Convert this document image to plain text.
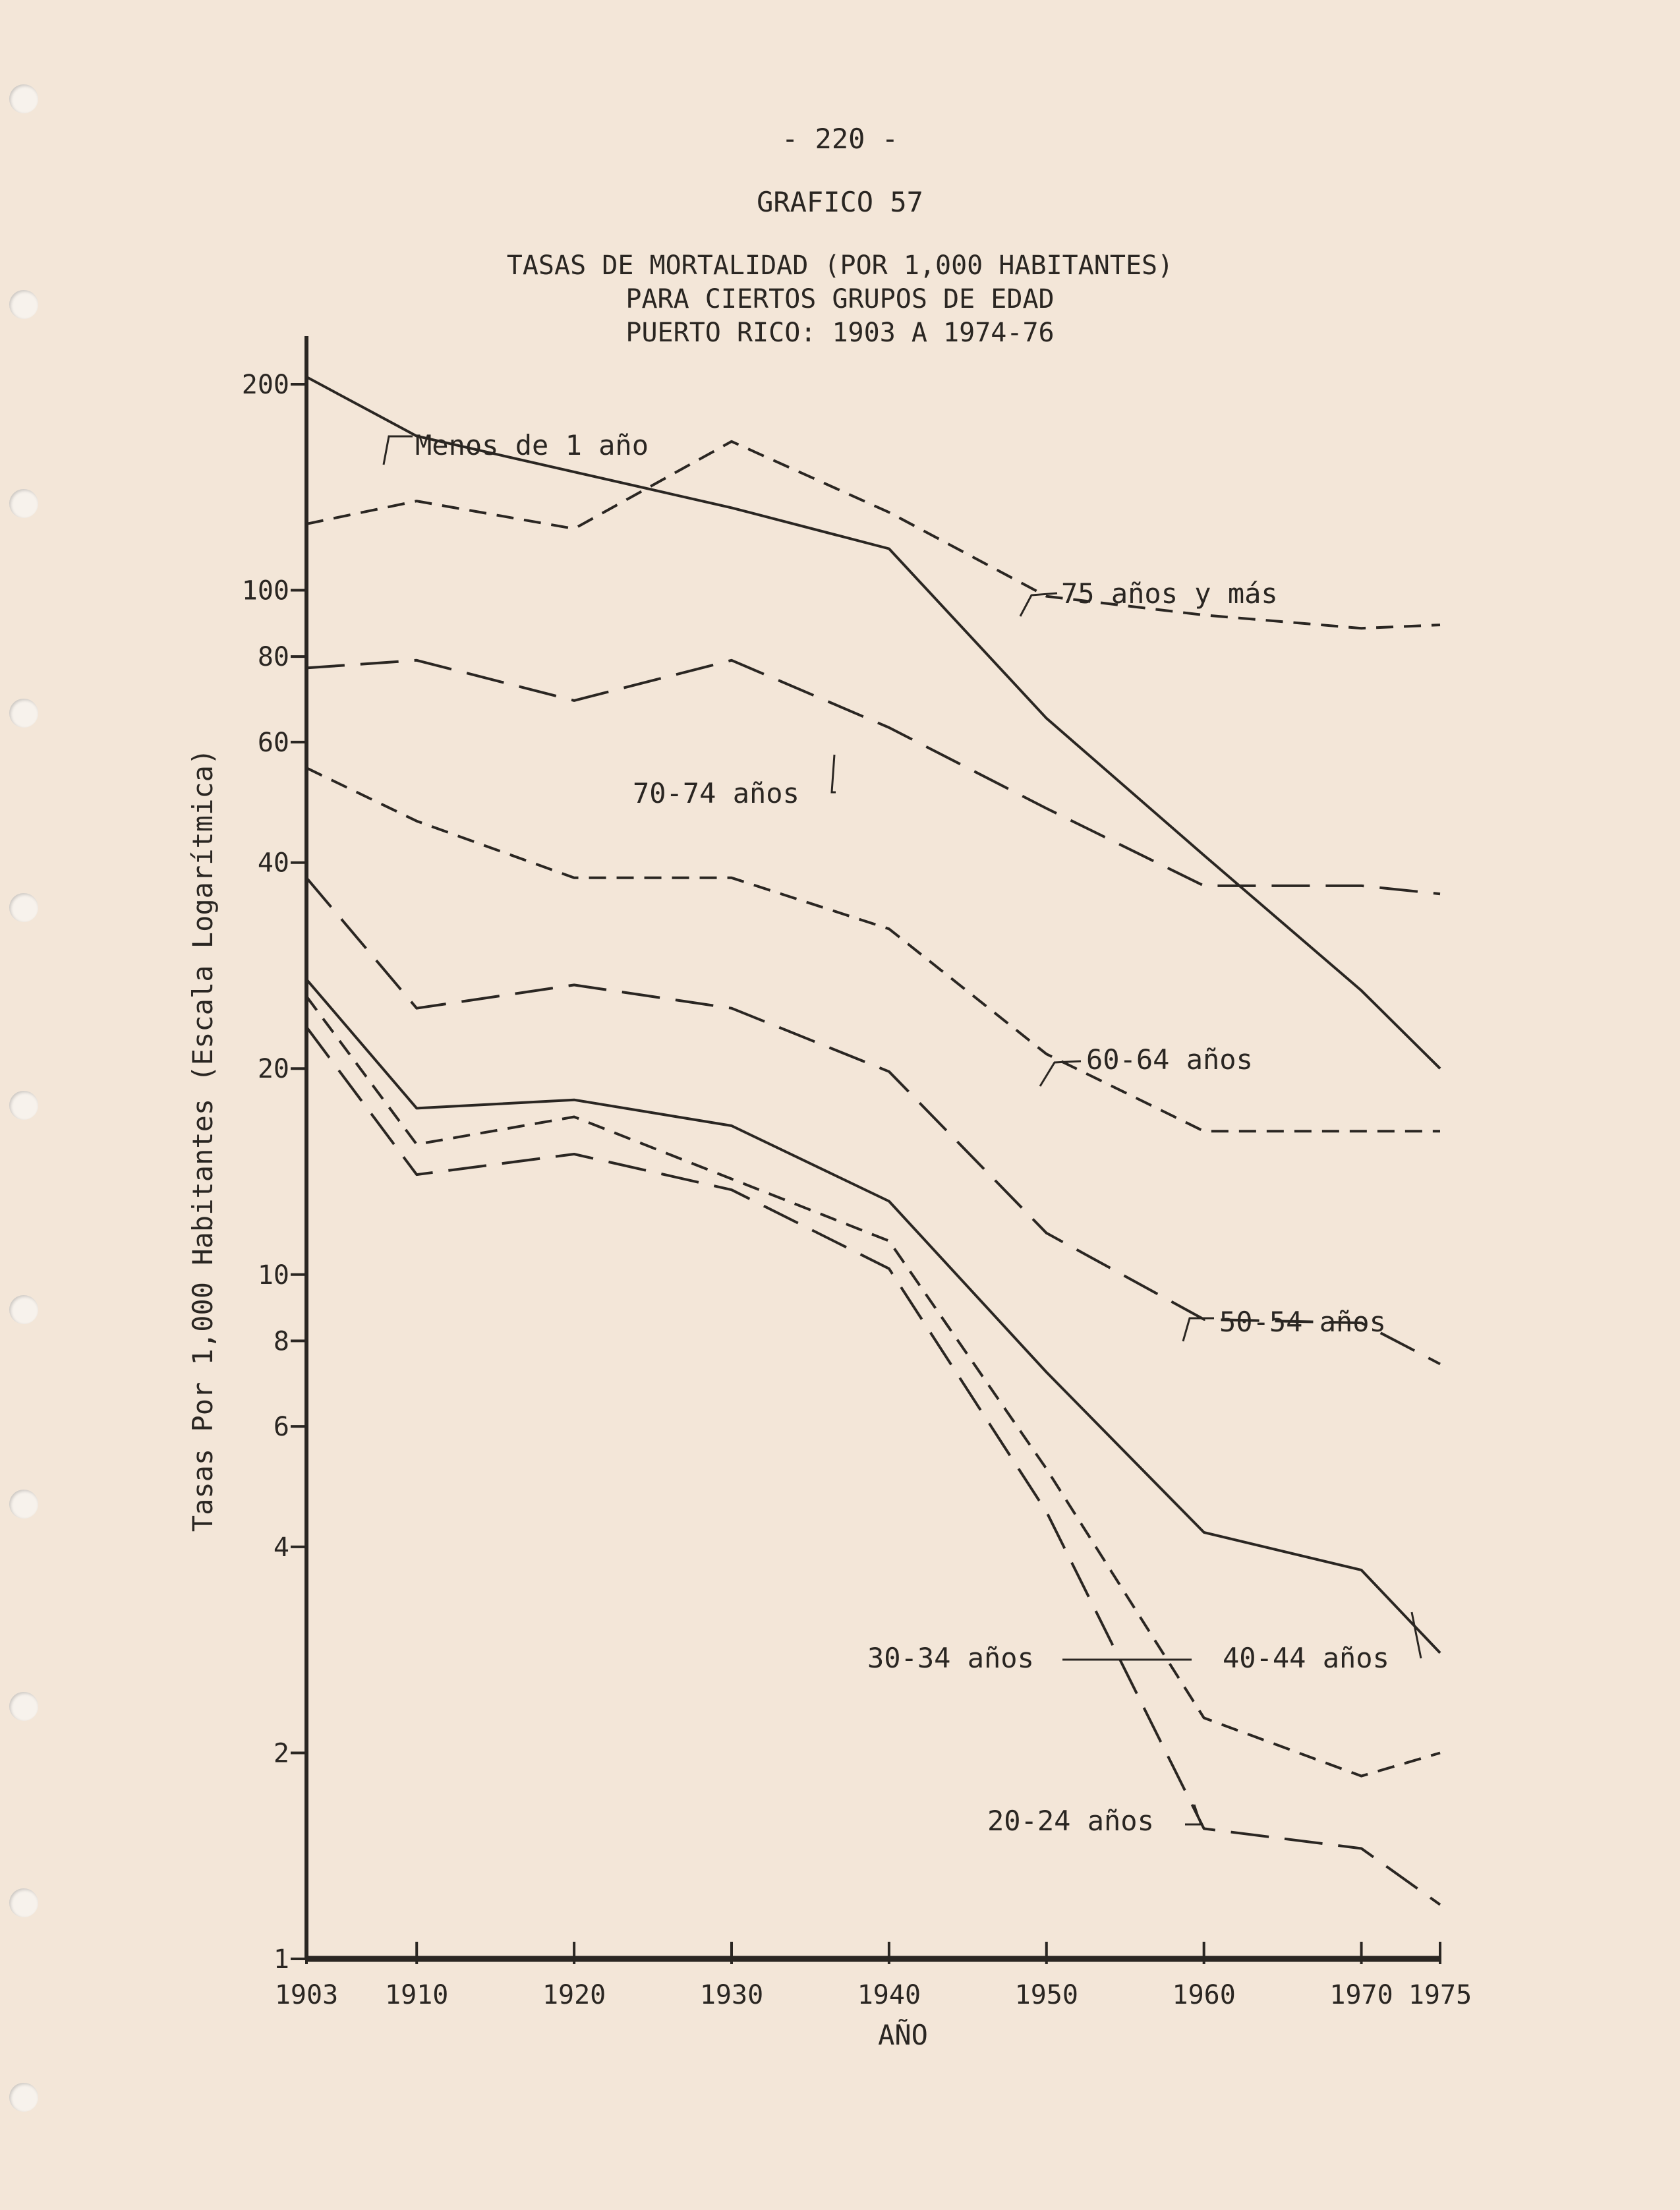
- 220 -
GRAFICO 57
TASAS DE MORTALIDAD (POR 1,000 HABITANTES)
PARA CIERTOS GRUPOS DE EDAD
PUERTO RICO: 1903 A 1974-76
1903 1910	1920	1930	1940	1950	1960	1970 1975
1
2
4
6
8
10
20
40
60
80
100
200
AÑO
Tasas Por 1,000 Habitantes (Escala Logarítmica)
Menos de 1 año
75 años y más
70-74 años
60-64 años
50-54 años
40-44 años
30-34 años
20-24 años
